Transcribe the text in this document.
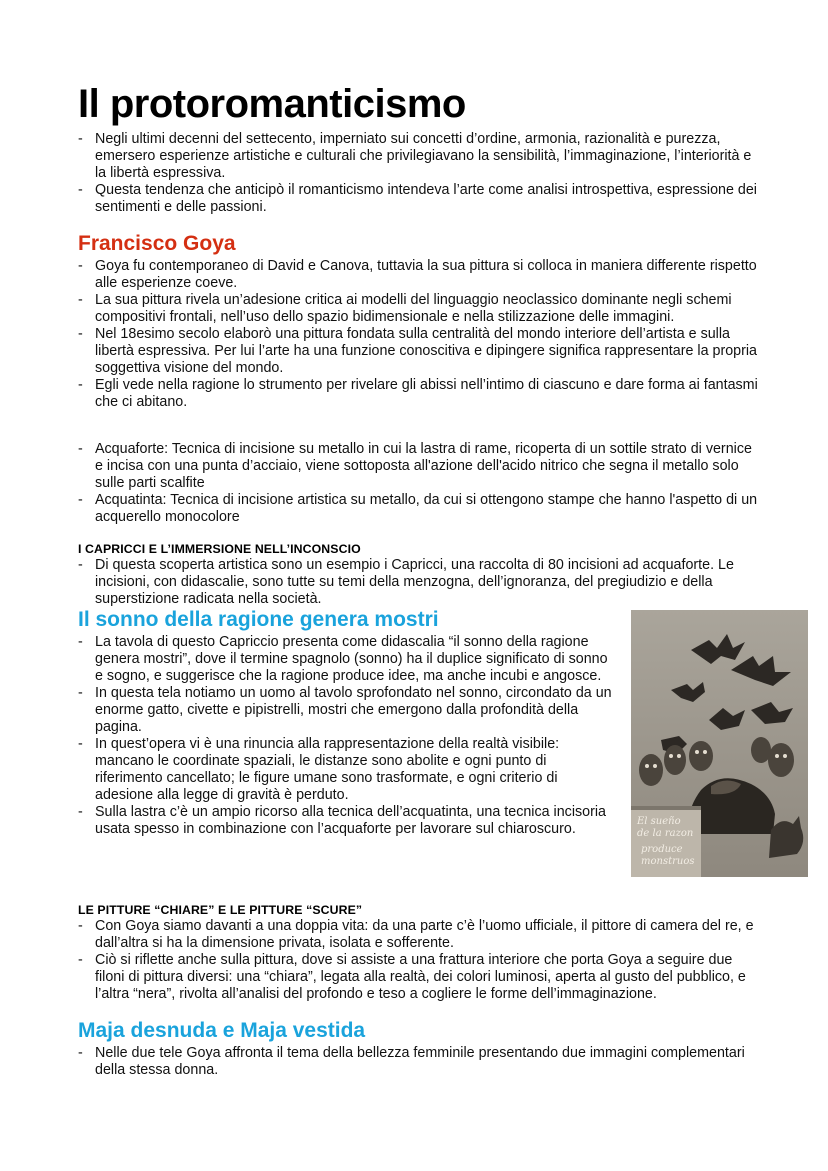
Il protoromanticismo
- Negli ultimi decenni del settecento, imperniato sui concetti d’ordine, armonia, razionalità e purezza, emersero esperienze artistiche e culturali che privilegiavano la sensibilità, l’immaginazione, l’interiorità e la libertà espressiva.
- Questa tendenza che anticipò il romanticismo intendeva l’arte come analisi introspettiva, espressione dei sentimenti e delle passioni.
Francisco Goya
- Goya fu contemporaneo di David e Canova, tuttavia la sua pittura si colloca in maniera differente rispetto alle esperienze coeve.
- La sua pittura rivela un’adesione critica ai modelli del linguaggio neoclassico dominante negli schemi compositivi frontali, nell’uso dello spazio bidimensionale e nella stilizzazione delle immagini.
- Nel 18esimo secolo elaborò una pittura fondata sulla centralità del mondo interiore dell’artista e sulla libertà espressiva. Per lui l’arte ha una funzione conoscitiva e dipingere significa rappresentare la propria soggettiva visione del mondo.
- Egli vede nella ragione lo strumento per rivelare gli abissi nell’intimo di ciascuno e dare forma ai fantasmi che ci abitano.
- Acquaforte: Tecnica di incisione su metallo in cui la lastra di rame, ricoperta di un sottile strato di vernice e incisa con una punta d’acciaio, viene sottoposta all'azione dell'acido nitrico che segna il metallo solo sulle parti scalfite
- Acquatinta: Tecnica di incisione artistica su metallo, da cui si ottengono stampe che hanno l'aspetto di un acquerello monocolore
I CAPRICCI E L’IMMERSIONE NELL’INCONSCIO
- Di questa scoperta artistica sono un esempio i Capricci, una raccolta di 80 incisioni ad acquaforte. Le incisioni, con didascalie, sono tutte su temi della menzogna, dell’ignoranza, del pregiudizio e della superstizione radicata nella società.
Il sonno della ragione genera mostri
- La tavola di questo Capriccio presenta come didascalia “il sonno della ragione genera mostri”, dove il termine spagnolo (sonno) ha il duplice significato di sonno e sogno, e suggerisce che la ragione produce idee, ma anche incubi e angosce.
- In questa tela notiamo un uomo al tavolo sprofondato nel sonno, circondato da un enorme gatto, civette e pipistrelli, mostri che emergono dalla profondità della pagina.
- In quest’opera vi è una rinuncia alla rappresentazione della realtà visibile: mancano le coordinate spaziali, le distanze sono abolite e ogni punto di riferimento cancellato; le figure umane sono trasformate, e ogni criterio di adesione alla legge di gravità è perduto.
- Sulla lastra c’è un ampio ricorso alla tecnica dell’acquatinta, una tecnica incisoria usata spesso in combinazione con l’acquaforte per lavorare sul chiaroscuro.	El sueño
de la razon
produce
monstruos
LE PITTURE “CHIARE” E LE PITTURE “SCURE”
- Con Goya siamo davanti a una doppia vita: da una parte c’è l’uomo ufficiale, il pittore di camera del re, e dall’altra si ha la dimensione privata, isolata e sofferente.
- Ciò si riflette anche sulla pittura, dove si assiste a una frattura interiore che porta Goya a seguire due filoni di pittura diversi: una “chiara”, legata alla realtà, dei colori luminosi, aperta al gusto del pubblico, e l’altra “nera”, rivolta all’analisi del profondo e teso a cogliere le forme dell’immaginazione.
Maja desnuda e Maja vestida
- Nelle due tele Goya affronta il tema della bellezza femminile presentando due immagini complementari della stessa donna.
